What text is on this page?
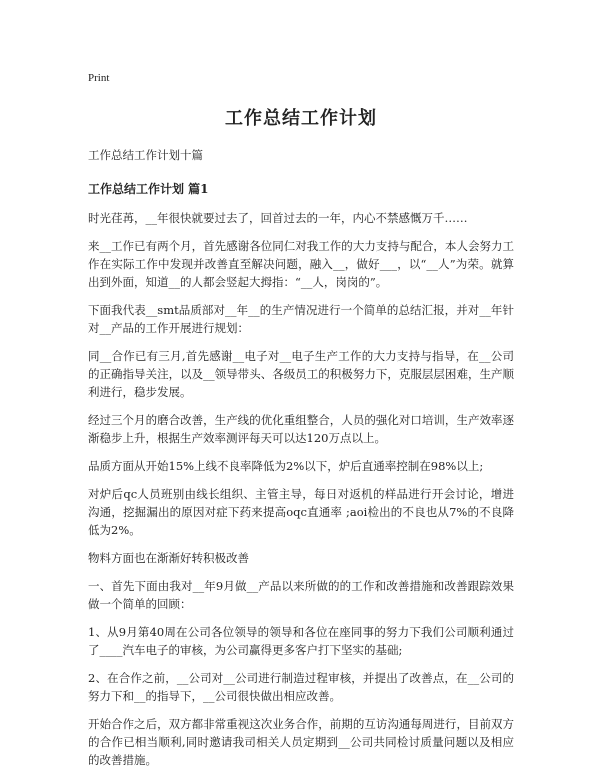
Print
工作总结工作计划

工作总结工作计划十篇

工作总结工作计划 篇1

时光荏苒，__年很快就要过去了，回首过去的一年，内心不禁感慨万千……

来__工作已有两个月，首先感谢各位同仁对我工作的大力支持与配合，本人会努力工作在实际工作中发现并改善直至解决问题，融入__，做好___，以“__人”为荣。就算出到外面，知道__的人都会竖起大拇指：“__人，岗岗的”。

下面我代表__smt品质部对__年__的生产情况进行一个简单的总结汇报，并对__年针对__产品的工作开展进行规划：

同__合作已有三月,首先感谢__电子对__电子生产工作的大力支持与指导，在__公司的正确指导关注，以及__领导带头、各级员工的积极努力下，克服层层困难，生产顺利进行，稳步发展。

经过三个月的磨合改善，生产线的优化重组整合，人员的强化对口培训，生产效率逐渐稳步上升，根据生产效率测评每天可以达120万点以上。

品质方面从开始15%上线不良率降低为2%以下，炉后直通率控制在98%以上;

对炉后qc人员班别由线长组织、主管主导，每日对返机的样品进行开会讨论，增进沟通，挖掘漏出的原因对症下药来提高oqc直通率 ;aoi检出的不良也从7%的不良降低为2%。

物料方面也在渐渐好转积极改善

一、首先下面由我对__年9月做__产品以来所做的的工作和改善措施和改善跟踪效果做一个简单的回顾：

1、从9月第40周在公司各位领导的领导和各位在座同事的努力下我们公司顺利通过了____汽车电子的审核，为公司赢得更多客户打下坚实的基础;

2、在合作之前，__公司对__公司进行制造过程审核，并提出了改善点，在__公司的努力下和__的指导下，__公司很快做出相应改善。

开始合作之后，双方都非常重视这次业务合作，前期的互访沟通每周进行，目前双方的合作已相当顺利,同时邀请我司相关人员定期到__公司共同检讨质量问题以及相应的改善措施。
